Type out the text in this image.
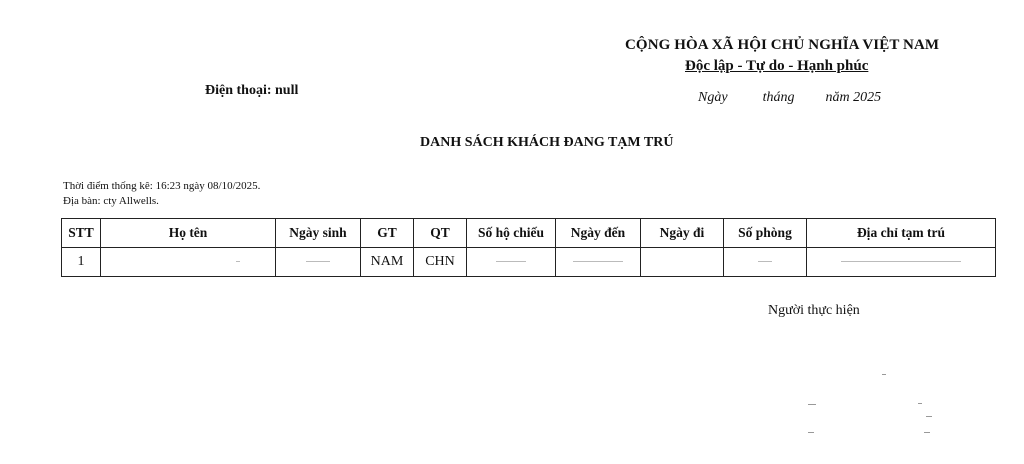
CỘNG HÒA XÃ HỘI CHỦ NGHĨA VIỆT NAM
Độc lập - Tự do - Hạnh phúc
Điện thoại: null	Ngày	tháng năm 2025
DANH SÁCH KHÁCH ĐANG TẠM TRÚ
Thời điểm thống kê: 16:23 ngày 08/10/2025.
Địa bàn: cty Allwells.
STT	Họ tên	Ngày sinh	GT	QT	Số hộ chiếu	Ngày đến	Ngày đi	Số phòng	Địa chỉ tạm trú
1			NAM	CHN					
Người thực hiện
